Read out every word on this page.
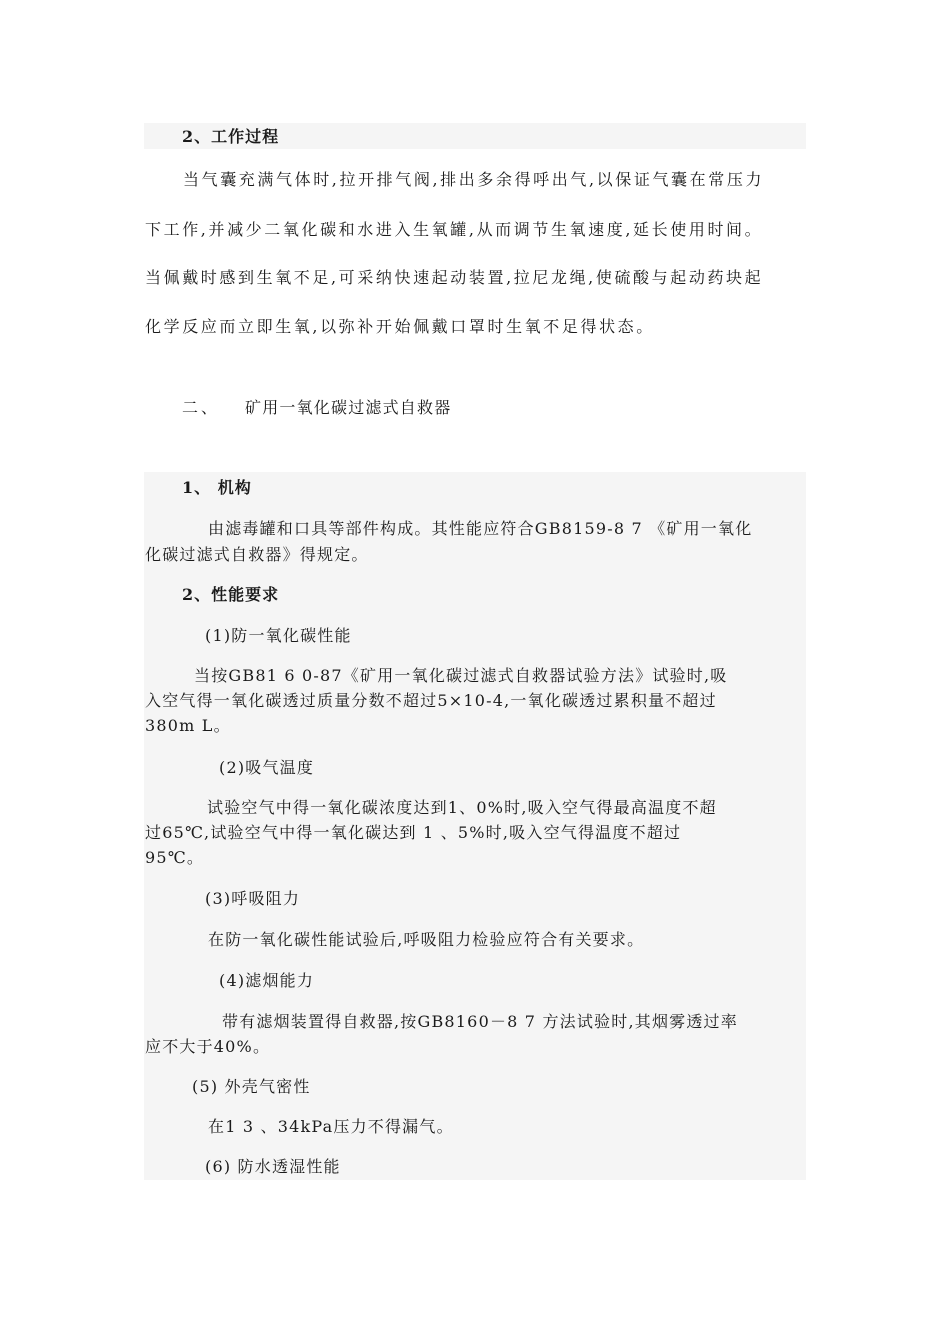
2、工作过程
当气囊充满气体时,拉开排气阀,排出多余得呼出气,以保证气囊在常压力
下工作,并减少二氧化碳和水进入生氧罐,从而调节生氧速度,延长使用时间。
当佩戴时感到生氧不足,可采纳快速起动装置,拉尼龙绳,使硫酸与起动药块起
化学反应而立即生氧,以弥补开始佩戴口罩时生氧不足得状态。
二、 矿用一氧化碳过滤式自救器
1、 机构
由滤毒罐和口具等部件构成。其性能应符合GB8159-8 7 《矿用一氧化
化碳过滤式自救器》得规定。
2、性能要求
(1)防一氧化碳性能
当按GB81 6 0-87《矿用一氧化碳过滤式自救器试验方法》试验时,吸
入空气得一氧化碳透过质量分数不超过5×10-4,一氧化碳透过累积量不超过
380m L。
(2)吸气温度
试验空气中得一氧化碳浓度达到1、0%时,吸入空气得最高温度不超
过65℃,试验空气中得一氧化碳达到 1 、5%时,吸入空气得温度不超过
95℃。
(3)呼吸阻力
在防一氧化碳性能试验后,呼吸阻力检验应符合有关要求。
(4)滤烟能力
带有滤烟装置得自救器,按GB8160－8 7 方法试验时,其烟雾透过率
应不大于40%。
(5) 外壳气密性
在1 3 、34kPa压力不得漏气。
(6) 防水透湿性能
